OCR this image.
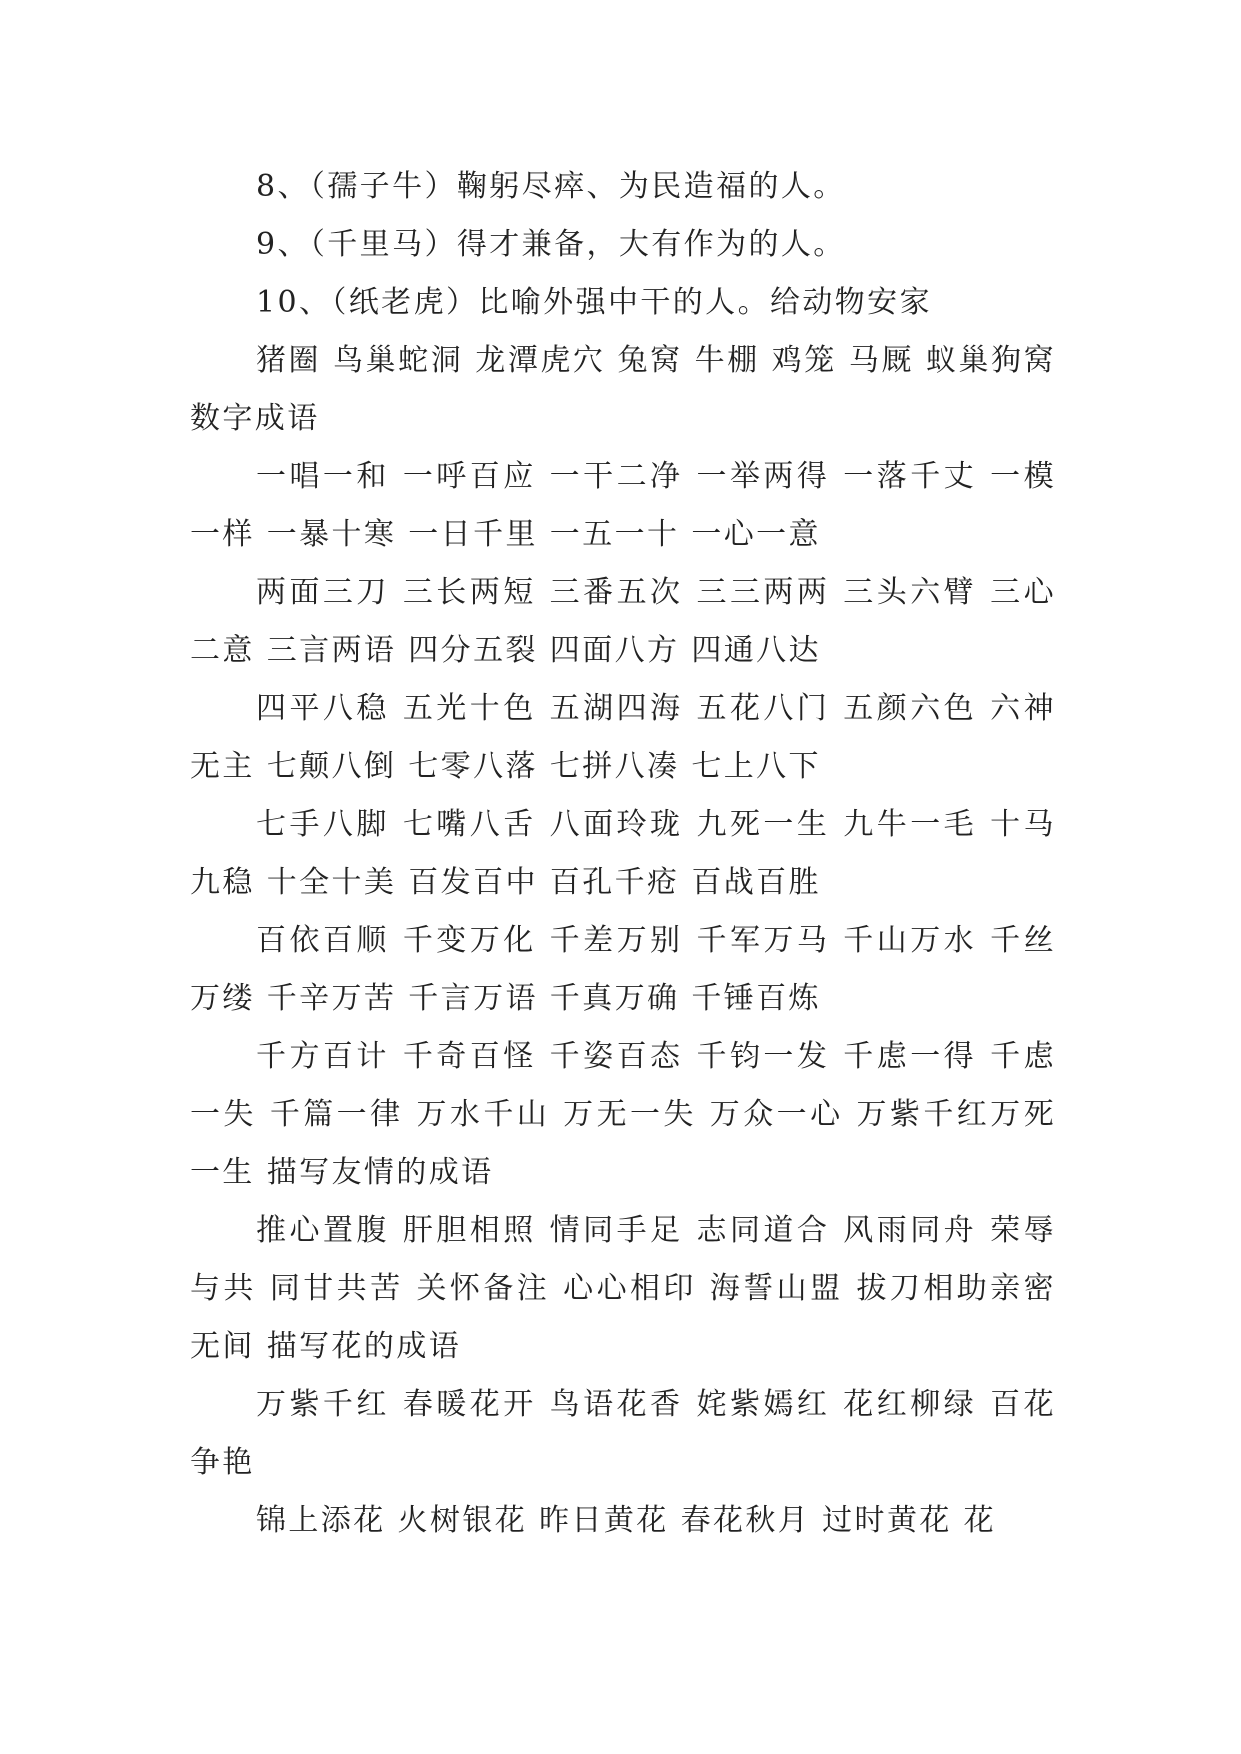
8、（孺子牛）鞠躬尽瘁、为民造福的人。

9、（千里马）得才兼备，大有作为的人。

10、（纸老虎）比喻外强中干的人。给动物安家

猪圈 鸟巢蛇洞 龙潭虎穴 兔窝 牛棚 鸡笼 马厩 蚁巢狗窝 数字成语

一唱一和 一呼百应 一干二净 一举两得 一落千丈 一模一样 一暴十寒 一日千里 一五一十 一心一意

两面三刀 三长两短 三番五次 三三两两 三头六臂 三心二意 三言两语 四分五裂 四面八方 四通八达

四平八稳 五光十色 五湖四海 五花八门 五颜六色 六神无主 七颠八倒 七零八落 七拼八凑 七上八下

七手八脚 七嘴八舌 八面玲珑 九死一生 九牛一毛 十马九稳 十全十美 百发百中 百孔千疮 百战百胜

百依百顺 千变万化 千差万别 千军万马 千山万水 千丝万缕 千辛万苦 千言万语 千真万确 千锤百炼

千方百计 千奇百怪 千姿百态 千钧一发 千虑一得 千虑一失 千篇一律 万水千山 万无一失 万众一心 万紫千红万死一生 描写友情的成语

推心置腹 肝胆相照 情同手足 志同道合 风雨同舟 荣辱与共 同甘共苦 关怀备注 心心相印 海誓山盟 拔刀相助亲密无间 描写花的成语

万紫千红 春暖花开 鸟语花香 姹紫嫣红 花红柳绿 百花争艳

锦上添花 火树银花 昨日黄花 春花秋月 过时黄花 花
